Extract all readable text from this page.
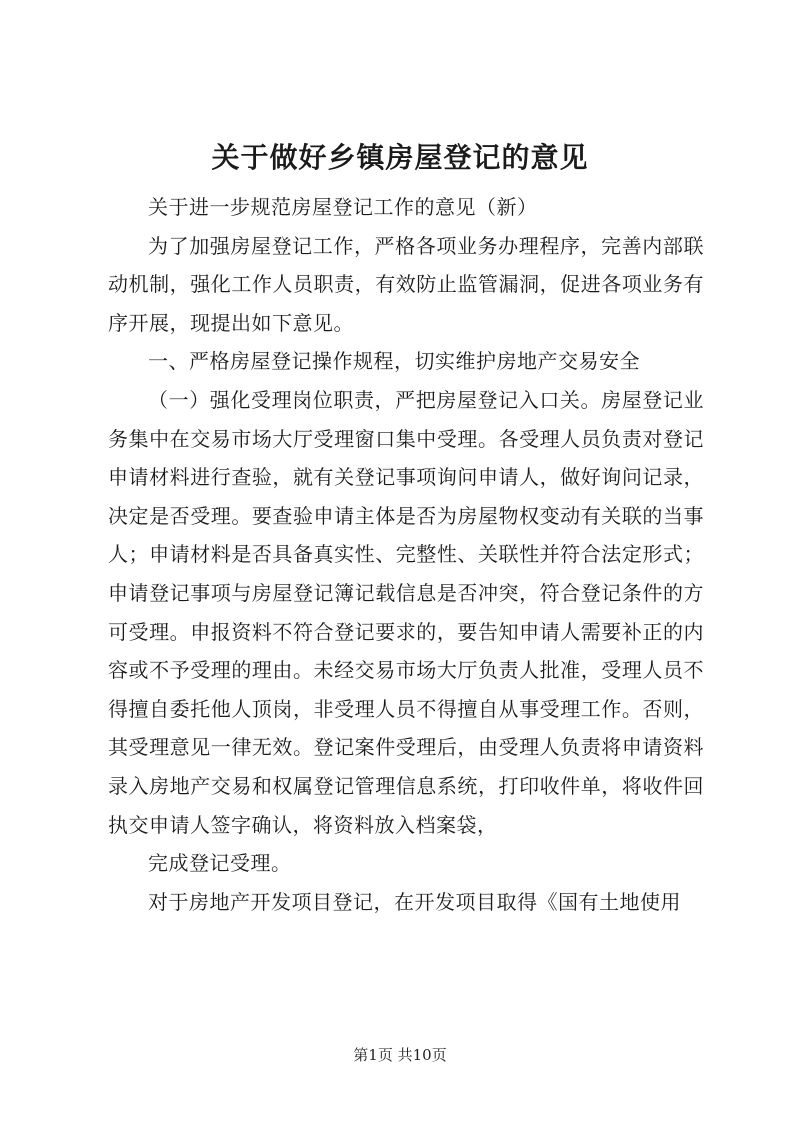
关于做好乡镇房屋登记的意见

关于进一步规范房屋登记工作的意见（新）

为了加强房屋登记工作，严格各项业务办理程序，完善内部联动机制，强化工作人员职责，有效防止监管漏洞，促进各项业务有序开展，现提出如下意见。

一、严格房屋登记操作规程，切实维护房地产交易安全

（一）强化受理岗位职责，严把房屋登记入口关。房屋登记业务集中在交易市场大厅受理窗口集中受理。各受理人员负责对登记申请材料进行查验，就有关登记事项询问申请人，做好询问记录，决定是否受理。要查验申请主体是否为房屋物权变动有关联的当事人；申请材料是否具备真实性、完整性、关联性并符合法定形式；申请登记事项与房屋登记簿记载信息是否冲突，符合登记条件的方可受理。申报资料不符合登记要求的，要告知申请人需要补正的内容或不予受理的理由。未经交易市场大厅负责人批准，受理人员不得擅自委托他人顶岗，非受理人员不得擅自从事受理工作。否则，其受理意见一律无效。登记案件受理后，由受理人负责将申请资料录入房地产交易和权属登记管理信息系统，打印收件单，将收件回执交申请人签字确认，将资料放入档案袋，

完成登记受理。

对于房地产开发项目登记，在开发项目取得《国有土地使用

第1页 共10页
